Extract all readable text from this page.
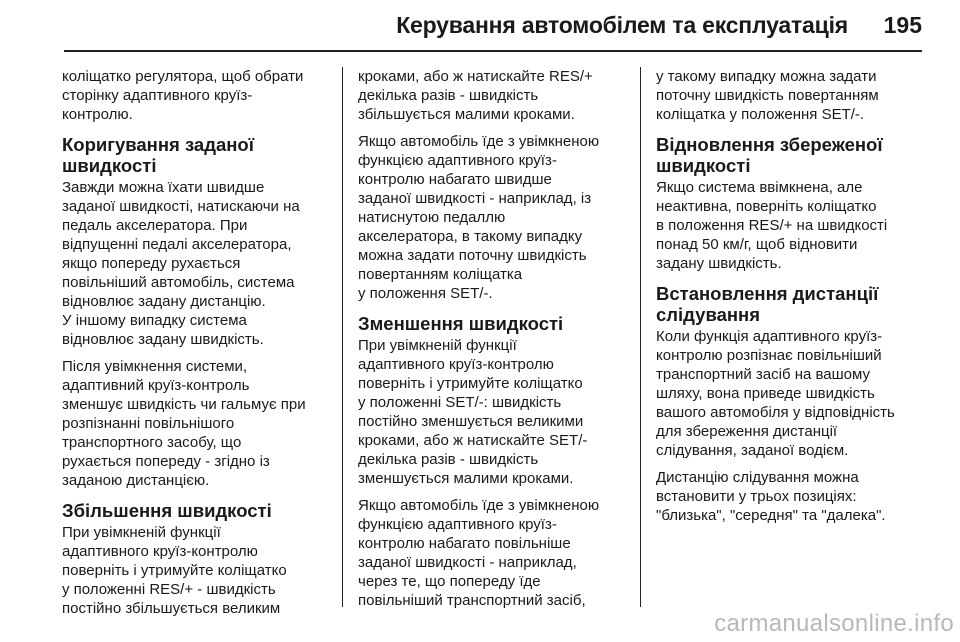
Керування автомобілем та експлуатація 195

коліщатко регулятора, щоб обрати
сторінку адаптивного круїз-
контролю.

Коригування заданої
швидкості

Завжди можна їхати швидше
заданої швидкості, натискаючи на
педаль акселератора. При
відпущенні педалі акселератора,
якщо попереду рухається
повільніший автомобіль, система
відновлює задану дистанцію.
У іншому випадку система
відновлює задану швидкість.

Після увімкнення системи,
адаптивний круїз-контроль
зменшує швидкість чи гальмує при
розпізнанні повільнішого
транспортного засобу, що
рухається попереду - згідно із
заданою дистанцією.

Збільшення швидкості

При увімкненій функції
адаптивного круїз-контролю
поверніть і утримуйте коліщатко
у положенні RES/+ - швидкість
постійно збільшується великим

кроками, або ж натискайте RES/+
декілька разів - швидкість
збільшується малими кроками.

Якщо автомобіль їде з увімкненою
функцією адаптивного круїз-
контролю набагато швидше
заданої швидкості - наприклад, із
натиснутою педаллю
акселератора, в такому випадку
можна задати поточну швидкість
повертанням коліщатка
у положення SET/-.

Зменшення швидкості

При увімкненій функції
адаптивного круїз-контролю
поверніть і утримуйте коліщатко
у положенні SET/-: швидкість
постійно зменшується великими
кроками, або ж натискайте SET/-
декілька разів - швидкість
зменшується малими кроками.

Якщо автомобіль їде з увімкненою
функцією адаптивного круїз-
контролю набагато повільніше
заданої швидкості - наприклад,
через те, що попереду їде
повільніший транспортний засіб,

у такому випадку можна задати
поточну швидкість повертанням
коліщатка у положення SET/-.

Відновлення збереженої
швидкості

Якщо система ввімкнена, але
неактивна, поверніть коліщатко
в положення RES/+ на швидкості
понад 50 км/г, щоб відновити
задану швидкість.

Встановлення дистанції
слідування

Коли функція адаптивного круїз-
контролю розпізнає повільніший
транспортний засіб на вашому
шляху, вона приведе швидкість
вашого автомобіля у відповідність
для збереження дистанції
слідування, заданої водієм.

Дистанцію слідування можна
встановити у трьох позиціях:
"близька", "середня" та "далека".

carmanualsonline.info
